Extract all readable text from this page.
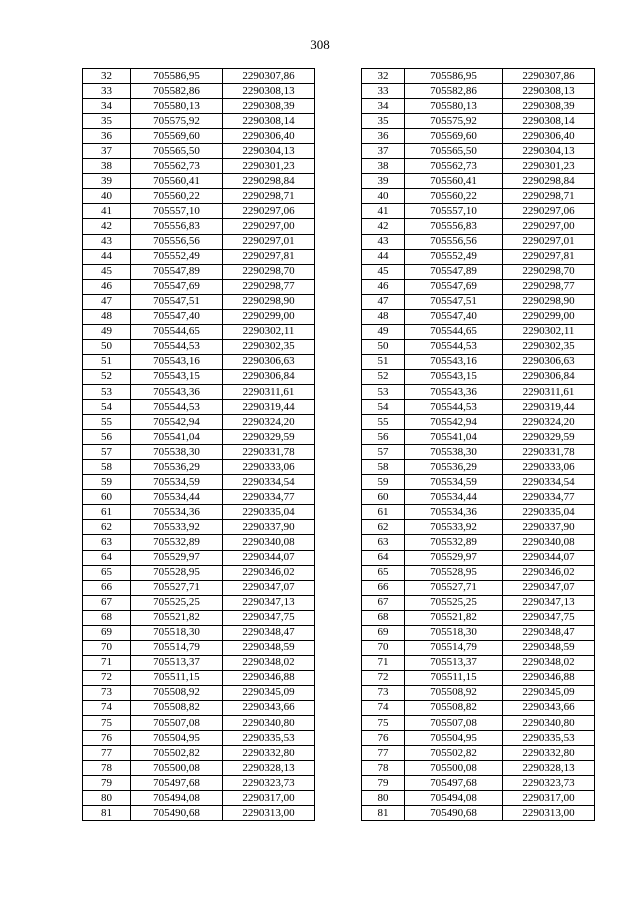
308
32	705586,95	2290307,86		32	705586,95	2290307,86
33	705582,86	2290308,13		33	705582,86	2290308,13
34	705580,13	2290308,39		34	705580,13	2290308,39
35	705575,92	2290308,14		35	705575,92	2290308,14
36	705569,60	2290306,40		36	705569,60	2290306,40
37	705565,50	2290304,13		37	705565,50	2290304,13
38	705562,73	2290301,23		38	705562,73	2290301,23
39	705560,41	2290298,84		39	705560,41	2290298,84
40	705560,22	2290298,71		40	705560,22	2290298,71
41	705557,10	2290297,06		41	705557,10	2290297,06
42	705556,83	2290297,00		42	705556,83	2290297,00
43	705556,56	2290297,01		43	705556,56	2290297,01
44	705552,49	2290297,81		44	705552,49	2290297,81
45	705547,89	2290298,70		45	705547,89	2290298,70
46	705547,69	2290298,77		46	705547,69	2290298,77
47	705547,51	2290298,90		47	705547,51	2290298,90
48	705547,40	2290299,00		48	705547,40	2290299,00
49	705544,65	2290302,11		49	705544,65	2290302,11
50	705544,53	2290302,35		50	705544,53	2290302,35
51	705543,16	2290306,63		51	705543,16	2290306,63
52	705543,15	2290306,84		52	705543,15	2290306,84
53	705543,36	2290311,61		53	705543,36	2290311,61
54	705544,53	2290319,44		54	705544,53	2290319,44
55	705542,94	2290324,20		55	705542,94	2290324,20
56	705541,04	2290329,59		56	705541,04	2290329,59
57	705538,30	2290331,78		57	705538,30	2290331,78
58	705536,29	2290333,06		58	705536,29	2290333,06
59	705534,59	2290334,54		59	705534,59	2290334,54
60	705534,44	2290334,77		60	705534,44	2290334,77
61	705534,36	2290335,04		61	705534,36	2290335,04
62	705533,92	2290337,90		62	705533,92	2290337,90
63	705532,89	2290340,08		63	705532,89	2290340,08
64	705529,97	2290344,07		64	705529,97	2290344,07
65	705528,95	2290346,02		65	705528,95	2290346,02
66	705527,71	2290347,07		66	705527,71	2290347,07
67	705525,25	2290347,13		67	705525,25	2290347,13
68	705521,82	2290347,75		68	705521,82	2290347,75
69	705518,30	2290348,47		69	705518,30	2290348,47
70	705514,79	2290348,59		70	705514,79	2290348,59
71	705513,37	2290348,02		71	705513,37	2290348,02
72	705511,15	2290346,88		72	705511,15	2290346,88
73	705508,92	2290345,09		73	705508,92	2290345,09
74	705508,82	2290343,66		74	705508,82	2290343,66
75	705507,08	2290340,80		75	705507,08	2290340,80
76	705504,95	2290335,53		76	705504,95	2290335,53
77	705502,82	2290332,80		77	705502,82	2290332,80
78	705500,08	2290328,13		78	705500,08	2290328,13
79	705497,68	2290323,73		79	705497,68	2290323,73
80	705494,08	2290317,00		80	705494,08	2290317,00
81	705490,68	2290313,00		81	705490,68	2290313,00
